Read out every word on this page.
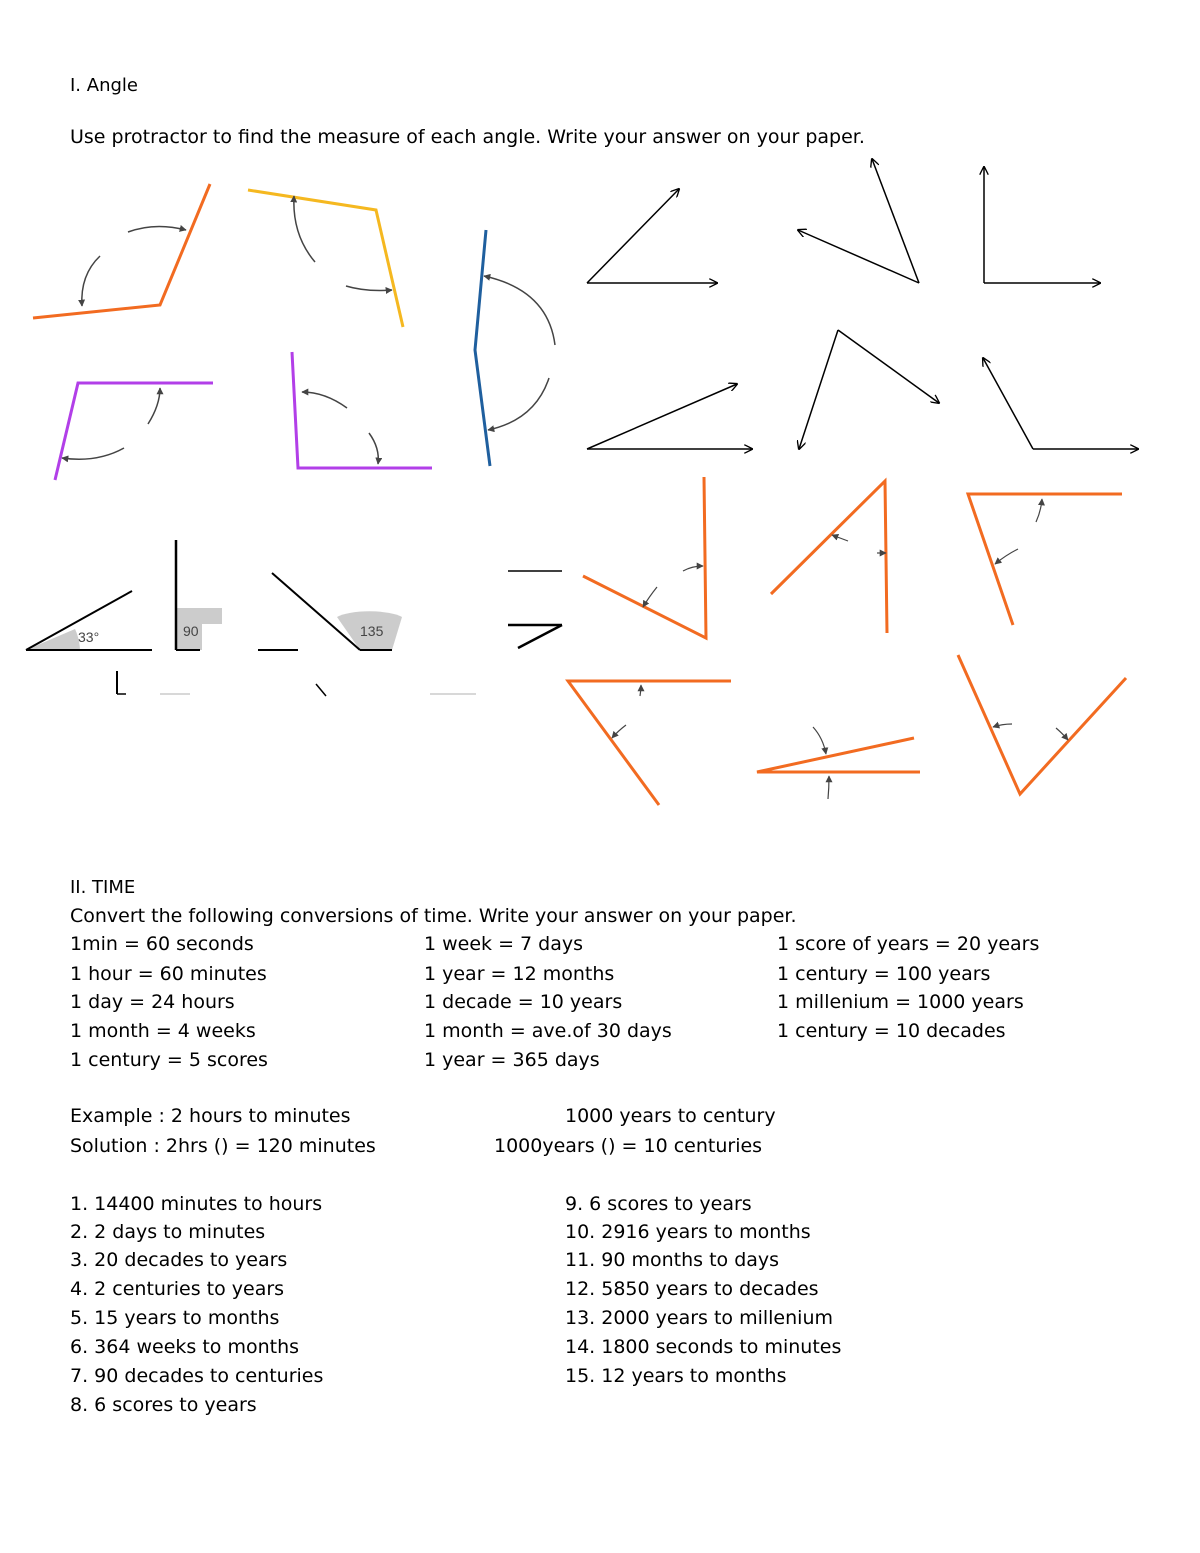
I. Angle
Use protractor to find the measure of each angle. Write your answer on your paper.
33°	90	135
II. TIME
Convert the following conversions of time. Write your answer on your paper.
1min = 60 seconds
1 hour = 60 minutes
1 day = 24 hours
1 month = 4 weeks
1 century = 5 scores
1 week = 7 days
1 year = 12 months
1 decade = 10 years
1 month = ave.of 30 days
1 year = 365 days
1 score of years = 20 years
1 century = 100 years
1 millenium = 1000 years
1 century = 10 decades
Example : 2 hours to minutes
Solution : 2hrs () = 120 minutes
1000 years to century
1000years () = 10 centuries
1. 14400 minutes to hours
2. 2 days to minutes
3. 20 decades to years
4. 2 centuries to years
5. 15 years to months
6. 364 weeks to months
7. 90 decades to centuries
8. 6 scores to years
9. 6 scores to years
10. 2916 years to months
11. 90 months to days
12. 5850 years to decades
13. 2000 years to millenium
14. 1800 seconds to minutes
15. 12 years to months
